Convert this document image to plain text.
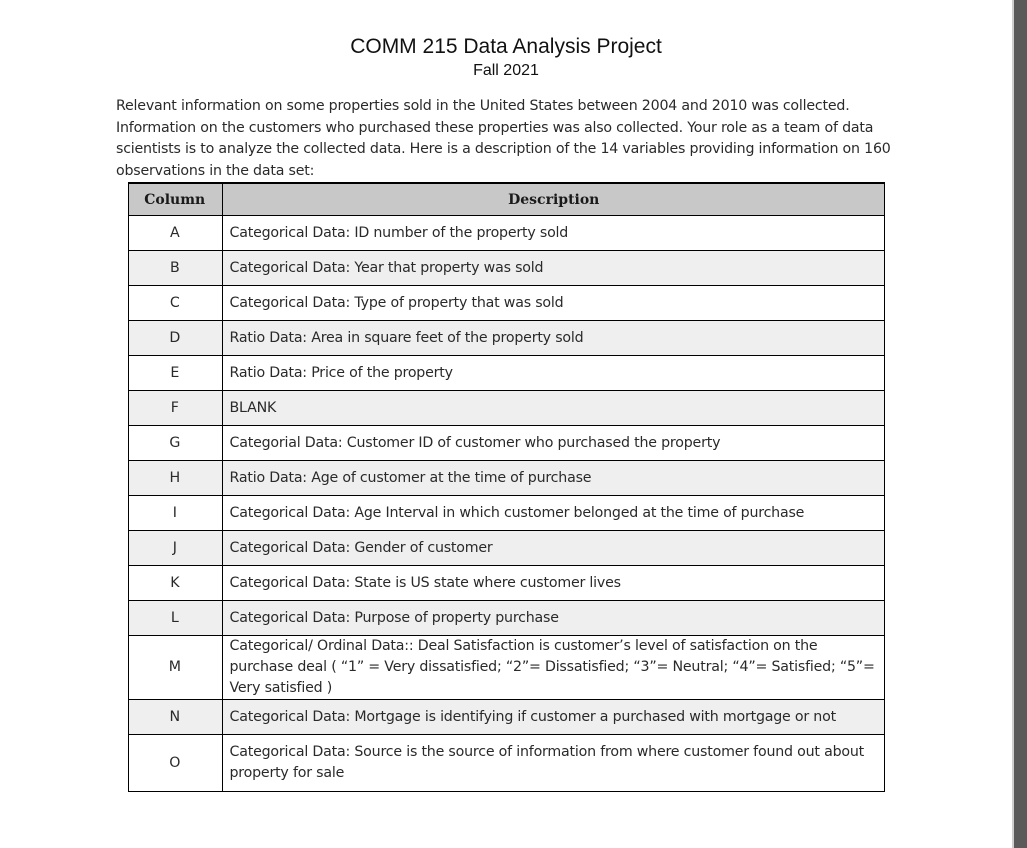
COMM 215 Data Analysis Project
Fall 2021
Relevant information on some properties sold in the United States between 2004 and 2010 was collected. Information on the customers who purchased these properties was also collected. Your role as a team of data scientists is to analyze the collected data. Here is a description of the 14 variables providing information on 160 observations in the data set:
Column	Description
A	Categorical Data: ID number of the property sold
B	Categorical Data: Year that property was sold
C	Categorical Data: Type of property that was sold
D	Ratio Data: Area in square feet of the property sold
E	Ratio Data: Price of the property
F	BLANK
G	Categorial Data: Customer ID of customer who purchased the property
H	Ratio Data: Age of customer at the time of purchase
I	Categorical Data: Age Interval in which customer belonged at the time of purchase
J	Categorical Data: Gender of customer
K	Categorical Data: State is US state where customer lives
L	Categorical Data: Purpose of property purchase
M	Categorical/ Ordinal Data:: Deal Satisfaction is customer’s level of satisfaction on the purchase deal ( “1” = Very dissatisfied; “2”= Dissatisfied; “3”= Neutral; “4”= Satisfied; “5”= Very satisfied )
N	Categorical Data: Mortgage is identifying if customer a purchased with mortgage or not
O	Categorical Data: Source is the source of information from where customer found out about property for sale
